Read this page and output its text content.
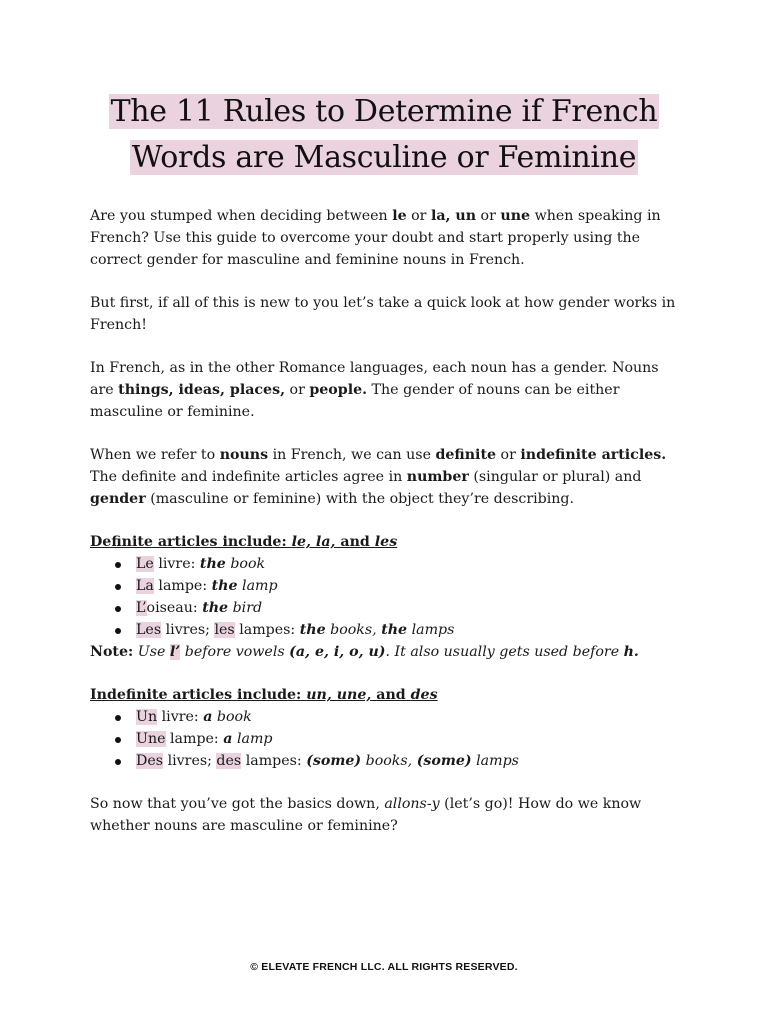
The 11 Rules to Determine if French
Words are Masculine or Feminine

Are you stumped when deciding between le or la, un or une when speaking in French? Use this guide to overcome your doubt and start properly using the correct gender for masculine and feminine nouns in French.

But first, if all of this is new to you let’s take a quick look at how gender works in French!

In French, as in the other Romance languages, each noun has a gender. Nouns are things, ideas, places, or people. The gender of nouns can be either masculine or feminine.

When we refer to nouns in French, we can use definite or indefinite articles. The definite and indefinite articles agree in number (singular or plural) and gender (masculine or feminine) with the object they’re describing.

Definite articles include: le, la, and les
Le livre: the book
La lampe: the lamp
L’oiseau: the bird
Les livres; les lampes: the books, the lamps
Note: Use l’ before vowels (a, e, i, o, u). It also usually gets used before h.
Indefinite articles include: un, une, and des
Un livre: a book
Une lampe: a lamp
Des livres; des lampes: (some) books, (some) lamps

So now that you’ve got the basics down, allons-y (let’s go)! How do we know whether nouns are masculine or feminine?

© ELEVATE FRENCH LLC. ALL RIGHTS RESERVED.
